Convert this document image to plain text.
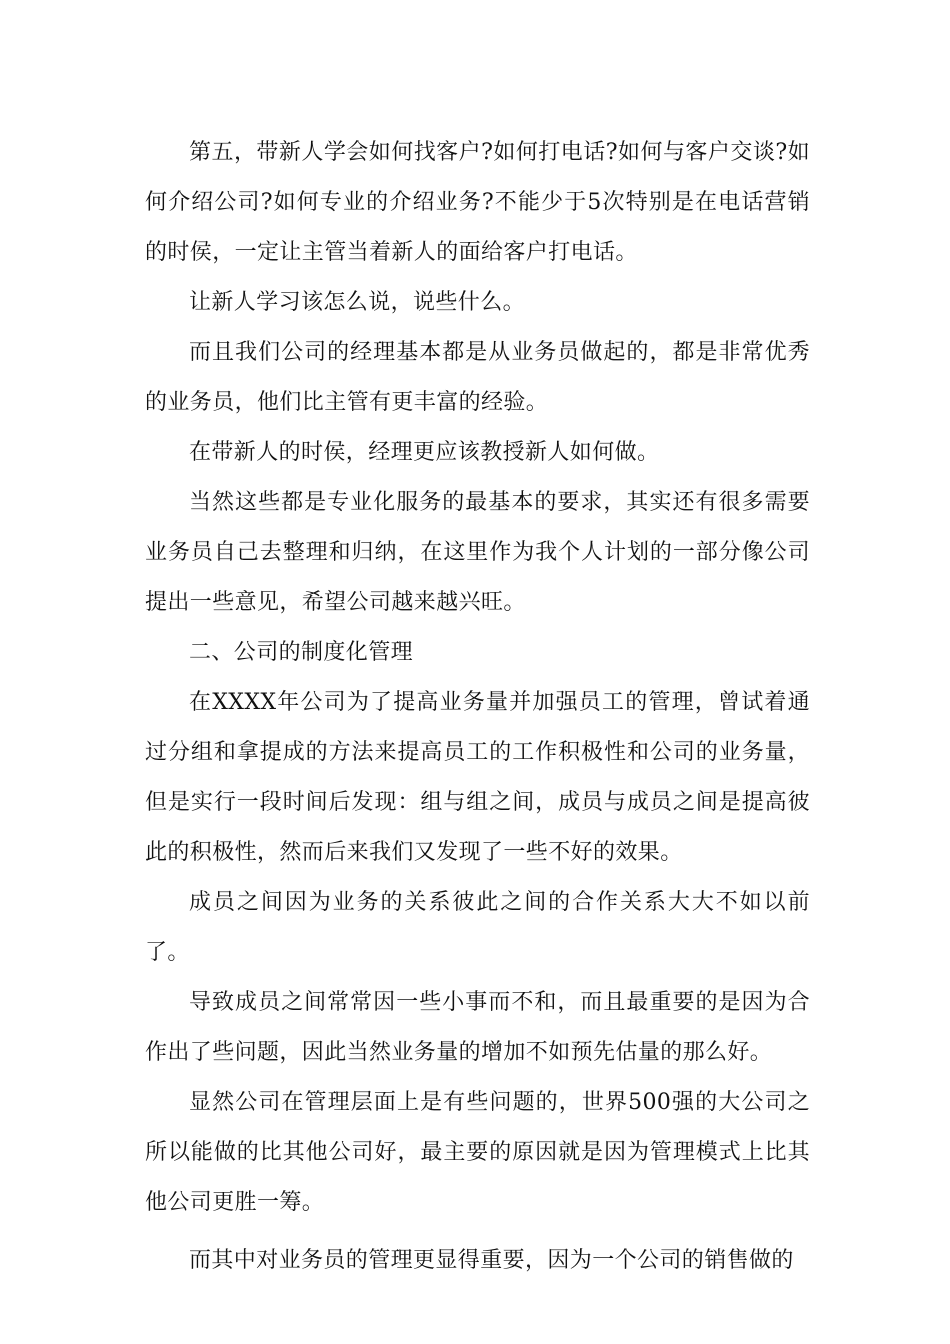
第五，带新人学会如何找客户?如何打电话?如何与客户交谈?如何介绍公司?如何专业的介绍业务?不能少于5次特别是在电话营销的时侯，一定让主管当着新人的面给客户打电话。

让新人学习该怎么说，说些什么。

而且我们公司的经理基本都是从业务员做起的，都是非常优秀的业务员，他们比主管有更丰富的经验。

在带新人的时侯，经理更应该教授新人如何做。

当然这些都是专业化服务的最基本的要求，其实还有很多需要业务员自己去整理和归纳，在这里作为我个人计划的一部分像公司提出一些意见，希望公司越来越兴旺。

二、公司的制度化管理

在XXXX年公司为了提高业务量并加强员工的管理，曾试着通过分组和拿提成的方法来提高员工的工作积极性和公司的业务量，但是实行一段时间后发现：组与组之间，成员与成员之间是提高彼此的积极性，然而后来我们又发现了一些不好的效果。

成员之间因为业务的关系彼此之间的合作关系大大不如以前了。

导致成员之间常常因一些小事而不和，而且最重要的是因为合作出了些问题，因此当然业务量的增加不如预先估量的那么好。

显然公司在管理层面上是有些问题的，世界500强的大公司之所以能做的比其他公司好，最主要的原因就是因为管理模式上比其他公司更胜一筹。

而其中对业务员的管理更显得重要，因为一个公司的销售做的
